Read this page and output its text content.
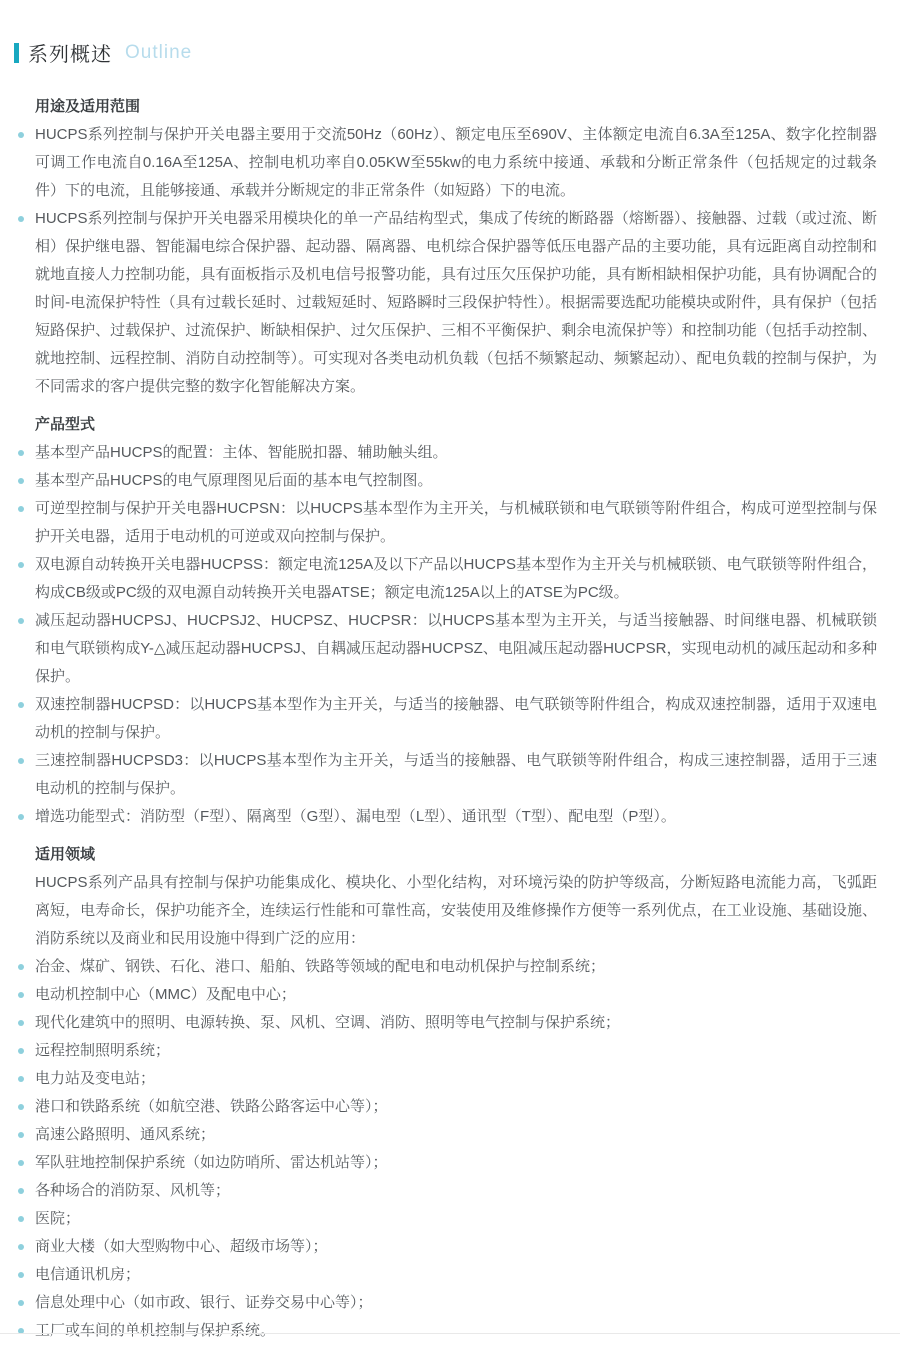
系列概述 Outline
用途及适用范围
HUCPS系列控制与保护开关电器主要用于交流50Hz（60Hz）、额定电压至690V、主体额定电流自6.3A至125A、数字化控制器可调工作电流自0.16A至125A、控制电机功率自0.05KW至55kw的电力系统中接通、承载和分断正常条件（包括规定的过载条件）下的电流，且能够接通、承载并分断规定的非正常条件（如短路）下的电流。
HUCPS系列控制与保护开关电器采用模块化的单一产品结构型式，集成了传统的断路器（熔断器）、接触器、过载（或过流、断相）保护继电器、智能漏电综合保护器、起动器、隔离器、电机综合保护器等低压电器产品的主要功能，具有远距离自动控制和就地直接人力控制功能，具有面板指示及机电信号报警功能，具有过压欠压保护功能，具有断相缺相保护功能，具有协调配合的时间-电流保护特性（具有过载长延时、过载短延时、短路瞬时三段保护特性）。根据需要选配功能模块或附件，具有保护（包括短路保护、过载保护、过流保护、断缺相保护、过欠压保护、三相不平衡保护、剩余电流保护等）和控制功能（包括手动控制、就地控制、远程控制、消防自动控制等）。可实现对各类电动机负载（包括不频繁起动、频繁起动）、配电负载的控制与保护，为不同需求的客户提供完整的数字化智能解决方案。
产品型式
基本型产品HUCPS的配置：主体、智能脱扣器、辅助触头组。
基本型产品HUCPS的电气原理图见后面的基本电气控制图。
可逆型控制与保护开关电器HUCPSN：以HUCPS基本型作为主开关，与机械联锁和电气联锁等附件组合，构成可逆型控制与保护开关电器，适用于电动机的可逆或双向控制与保护。
双电源自动转换开关电器HUCPSS：额定电流125A及以下产品以HUCPS基本型作为主开关与机械联锁、电气联锁等附件组合，构成CB级或PC级的双电源自动转换开关电器ATSE；额定电流125A以上的ATSE为PC级。
减压起动器HUCPSJ、HUCPSJ2、HUCPSZ、HUCPSR：以HUCPS基本型为主开关，与适当接触器、时间继电器、机械联锁和电气联锁构成Y-△减压起动器HUCPSJ、自耦减压起动器HUCPSZ、电阻减压起动器HUCPSR，实现电动机的减压起动和多种保护。
双速控制器HUCPSD：以HUCPS基本型作为主开关，与适当的接触器、电气联锁等附件组合，构成双速控制器，适用于双速电动机的控制与保护。
三速控制器HUCPSD3：以HUCPS基本型作为主开关，与适当的接触器、电气联锁等附件组合，构成三速控制器，适用于三速电动机的控制与保护。
增选功能型式：消防型（F型）、隔离型（G型）、漏电型（L型）、通讯型（T型）、配电型（P型）。
适用领域

HUCPS系列产品具有控制与保护功能集成化、模块化、小型化结构，对环境污染的防护等级高，分断短路电流能力高，飞弧距离短，电寿命长，保护功能齐全，连续运行性能和可靠性高，安装使用及维修操作方便等一系列优点，在工业设施、基础设施、消防系统以及商业和民用设施中得到广泛的应用：

冶金、煤矿、钢铁、石化、港口、船舶、铁路等领域的配电和电动机保护与控制系统；
电动机控制中心（MMC）及配电中心；
现代化建筑中的照明、电源转换、泵、风机、空调、消防、照明等电气控制与保护系统；
远程控制照明系统；
电力站及变电站；
港口和铁路系统（如航空港、铁路公路客运中心等）；
高速公路照明、通风系统；
军队驻地控制保护系统（如边防哨所、雷达机站等）；
各种场合的消防泵、风机等；
医院；
商业大楼（如大型购物中心、超级市场等）；
电信通讯机房；
信息处理中心（如市政、银行、证券交易中心等）；
工厂或车间的单机控制与保护系统。
